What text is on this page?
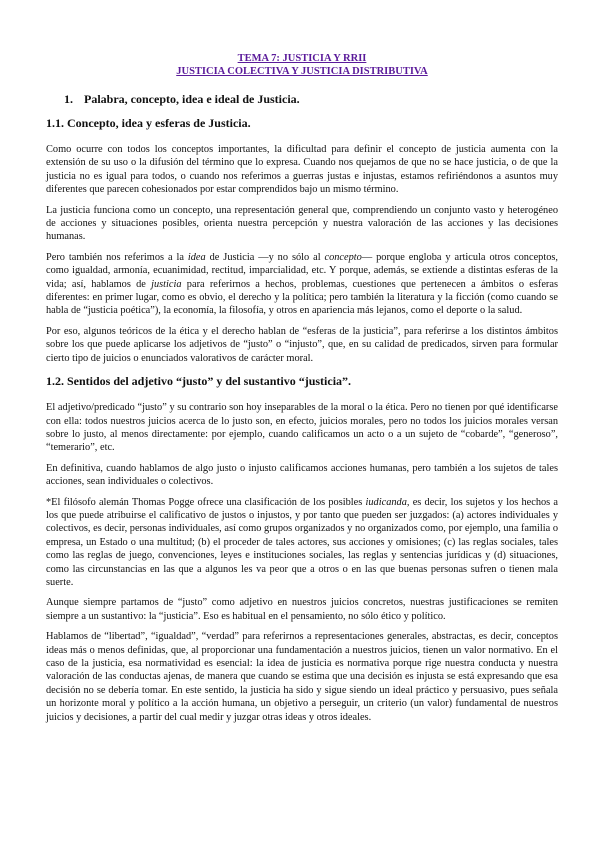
TEMA 7: JUSTICIA Y RRII
JUSTICIA COLECTIVA Y JUSTICIA DISTRIBUTIVA
1. Palabra, concepto, idea e ideal de Justicia.
1.1. Concepto, idea y esferas de Justicia.

Como ocurre con todos los conceptos importantes, la dificultad para definir el concepto de justicia aumenta con la extensión de su uso o la difusión del término que lo expresa. Cuando nos quejamos de que no se hace justicia, o de que la justicia no es igual para todos, o cuando nos referimos a guerras justas e injustas, estamos refiriéndonos a asuntos muy diferentes que parecen cohesionados por estar comprendidos bajo un mismo término.

La justicia funciona como un concepto, una representación general que, comprendiendo un conjunto vasto y heterogéneo de acciones y situaciones posibles, orienta nuestra percepción y nuestra valoración de las acciones y las decisiones humanas.

Pero también nos referimos a la idea de Justicia —y no sólo al concepto— porque engloba y articula otros conceptos, como igualdad, armonía, ecuanimidad, rectitud, imparcialidad, etc. Y porque, además, se extiende a distintas esferas de la vida; así, hablamos de justicia para referirnos a hechos, problemas, cuestiones que pertenecen a ámbitos o esferas diferentes: en primer lugar, como es obvio, el derecho y la política; pero también la literatura y la ficción (como cuando se habla de “justicia poética”), la economía, la filosofía, y otros en apariencia más lejanos, como el deporte o la salud.

Por eso, algunos teóricos de la ética y el derecho hablan de “esferas de la justicia”, para referirse a los distintos ámbitos sobre los que puede aplicarse los adjetivos de “justo” o “injusto”, que, en su calidad de predicados, sirven para formular cierto tipo de juicios o enunciados valorativos de carácter moral.

1.2. Sentidos del adjetivo “justo” y del sustantivo “justicia”.

El adjetivo/predicado “justo” y su contrario son hoy inseparables de la moral o la ética. Pero no tienen por qué identificarse con ella: todos nuestros juicios acerca de lo justo son, en efecto, juicios morales, pero no todos los juicios morales versan sobre lo justo, al menos directamente: por ejemplo, cuando calificamos un acto o a un sujeto de “cobarde”, “generoso”, “temerario”, etc.

En definitiva, cuando hablamos de algo justo o injusto calificamos acciones humanas, pero también a los sujetos de tales acciones, sean individuales o colectivos.

*El filósofo alemán Thomas Pogge ofrece una clasificación de los posibles iudicanda, es decir, los sujetos y los hechos a los que puede atribuirse el calificativo de justos o injustos, y por tanto que pueden ser juzgados: (a) actores individuales y colectivos, es decir, personas individuales, así como grupos organizados y no organizados como, por ejemplo, una familia o empresa, un Estado o una multitud; (b) el proceder de tales actores, sus acciones y omisiones; (c) las reglas sociales, tales como las reglas de juego, convenciones, leyes e instituciones sociales, las reglas y sentencias jurídicas y (d) situaciones, como las circunstancias en las que a algunos les va peor que a otros o en las que buenas personas sufren o tienen mala suerte.

Aunque siempre partamos de “justo” como adjetivo en nuestros juicios concretos, nuestras justificaciones se remiten siempre a un sustantivo: la “justicia”. Eso es habitual en el pensamiento, no sólo ético y político.

Hablamos de “libertad”, “igualdad”, “verdad” para referirnos a representaciones generales, abstractas, es decir, conceptos ideas más o menos definidas, que, al proporcionar una fundamentación a nuestros juicios, tienen un valor normativo. En el caso de la justicia, esa normatividad es esencial: la idea de justicia es normativa porque rige nuestra conducta y nuestra valoración de las conductas ajenas, de manera que cuando se estima que una decisión es injusta se está expresando que esa decisión no se debería tomar. En este sentido, la justicia ha sido y sigue siendo un ideal práctico y persuasivo, pues señala un horizonte moral y político a la acción humana, un objetivo a perseguir, un criterio (un valor) fundamental de nuestros juicios y decisiones, a partir del cual medir y juzgar otras ideas y otros ideales.
